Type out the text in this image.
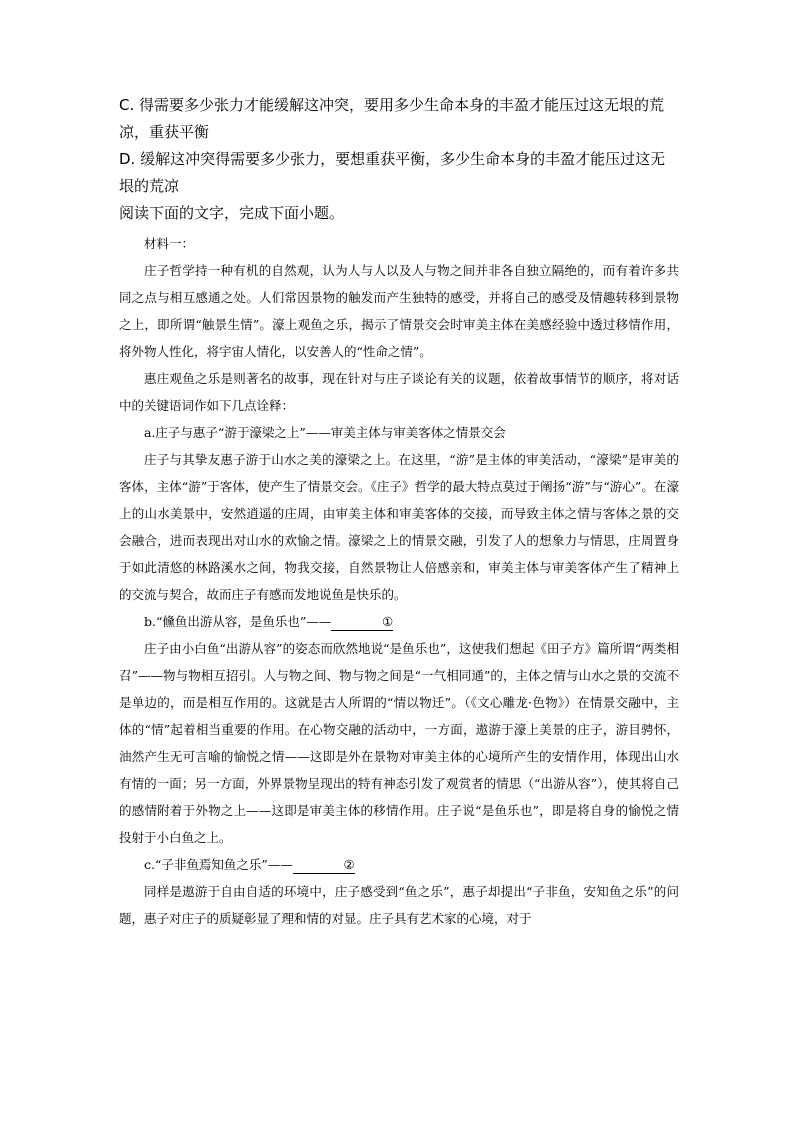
C. 得需要多少张力才能缓解这冲突，要用多少生命本身的丰盈才能压过这无垠的荒凉，重获平衡
D. 缓解这冲突得需要多少张力，要想重获平衡，多少生命本身的丰盈才能压过这无垠的荒凉
阅读下面的文字，完成下面小题。

材料一：

庄子哲学持一种有机的自然观，认为人与人以及人与物之间并非各自独立隔绝的，而有着许多共同之点与相互感通之处。人们常因景物的触发而产生独特的感受，并将自己的感受及情趣转移到景物之上，即所谓“触景生情”。濠上观鱼之乐，揭示了情景交会时审美主体在美感经验中透过移情作用，将外物人性化，将宇宙人情化，以安善人的“性命之情”。

惠庄观鱼之乐是则著名的故事，现在针对与庄子谈论有关的议题，依着故事情节的顺序，将对话中的关键语词作如下几点诠释：

a.庄子与惠子“游于濠梁之上”——审美主体与审美客体之情景交会

庄子与其挚友惠子游于山水之美的濠梁之上。在这里，“游”是主体的审美活动，“濠梁”是审美的客体，主体“游”于客体，使产生了情景交会。《庄子》哲学的最大特点莫过于阐扬“游”与“游心”。在濠上的山水美景中，安然逍遥的庄周，由审美主体和审美客体的交接，而导致主体之情与客体之景的交会融合，进而表现出对山水的欢愉之情。濠梁之上的情景交融，引发了人的想象力与情思，庄周置身于如此清悠的林路溪水之间，物我交接，自然景物让人倍感亲和，审美主体与审美客体产生了精神上的交流与契合，故而庄子有感而发地说鱼是快乐的。

b.“儵鱼出游从容，是鱼乐也”——	①

庄子由小白鱼“出游从容”的姿态而欣然地说“是鱼乐也”，这使我们想起《田子方》篇所谓“两类相召”——物与物相互招引。人与物之间、物与物之间是“一气相同通”的，主体之情与山水之景的交流不是单边的，而是相互作用的。这就是古人所谓的“情以物迁”。（《文心雕龙·色物》）在情景交融中，主体的“情”起着相当重要的作用。在心物交融的活动中，一方面，遨游于濠上美景的庄子，游目骋怀，油然产生无可言喻的愉悦之情——这即是外在景物对审美主体的心境所产生的安情作用，体现出山水有情的一面；另一方面，外界景物呈现出的特有神态引发了观赏者的情思（“出游从容”），使其将自己的感情附着于外物之上——这即是审美主体的移情作用。庄子说“是鱼乐也”，即是将自身的愉悦之情投射于小白鱼之上。

c.“子非鱼焉知鱼之乐”——	②

同样是遨游于自由自适的环境中，庄子感受到“鱼之乐”，惠子却提出“子非鱼，安知鱼之乐”的问题，惠子对庄子的质疑彰显了理和情的对显。庄子具有艺术家的心境，对于
